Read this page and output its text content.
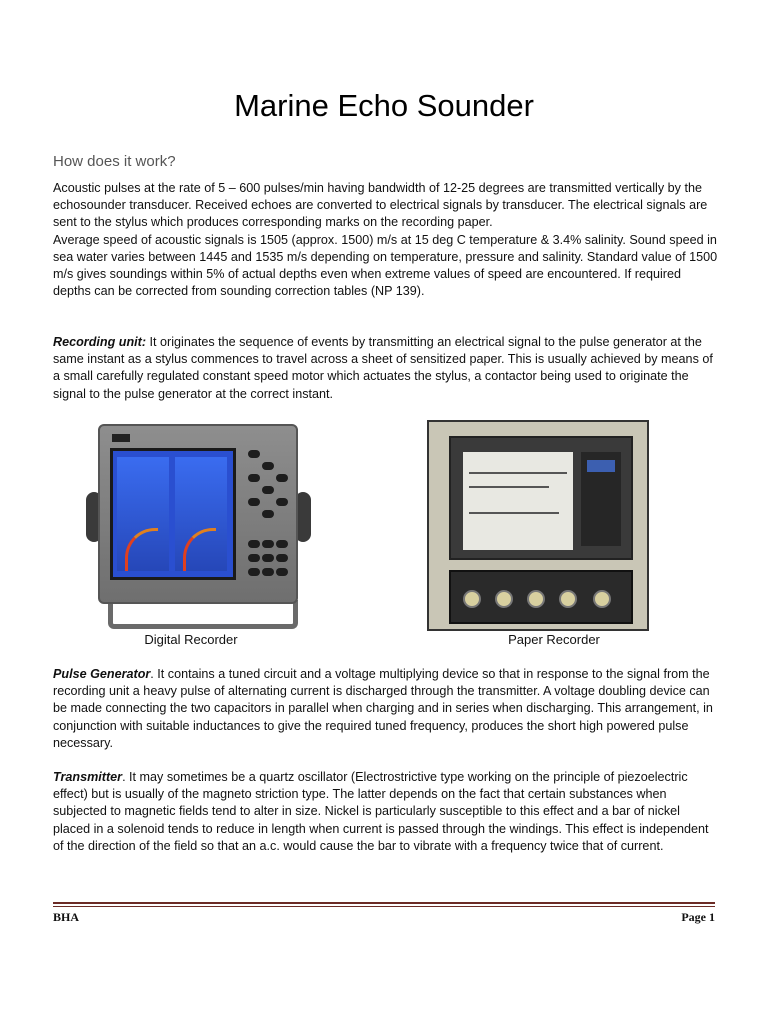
Marine Echo Sounder
How does it work?

Acoustic pulses at the rate of 5 – 600 pulses/min having bandwidth of 12-25 degrees are transmitted vertically by the echosounder transducer. Received echoes are converted to electrical signals by transducer. The electrical signals are sent to the stylus which produces corresponding marks on the recording paper.
Average speed of acoustic signals is 1505 (approx. 1500) m/s at 15 deg C temperature & 3.4% salinity. Sound speed in sea water varies between 1445 and 1535 m/s depending on temperature, pressure and salinity. Standard value of 1500 m/s gives soundings within 5% of actual depths even when extreme values of speed are encountered. If required depths can be corrected from sounding correction tables (NP 139).

Recording unit: It originates the sequence of events by transmitting an electrical signal to the pulse generator at the same instant as a stylus commences to travel across a sheet of sensitized paper. This is usually achieved by means of a small carefully regulated constant speed motor which actuates the stylus, a contactor being used to originate the signal to the pulse generator at the correct instant.

Digital Recorder	Paper Recorder

Pulse Generator. It contains a tuned circuit and a voltage multiplying device so that in response to the signal from the recording unit a heavy pulse of alternating current is discharged through the transmitter. A voltage doubling device can be made connecting the two capacitors in parallel when charging and in series when discharging. This arrangement, in conjunction with suitable inductances to give the required tuned frequency, produces the short high powered pulse necessary.

Transmitter. It may sometimes be a quartz oscillator (Electrostrictive type working on the principle of piezoelectric effect) but is usually of the magneto striction type. The latter depends on the fact that certain substances when subjected to magnetic fields tend to alter in size. Nickel is particularly susceptible to this effect and a bar of nickel placed in a solenoid tends to reduce in length when current is passed through the windings. This effect is independent of the direction of the field so that an a.c. would cause the bar to vibrate with a frequency twice that of current.

BHA	Page 1
